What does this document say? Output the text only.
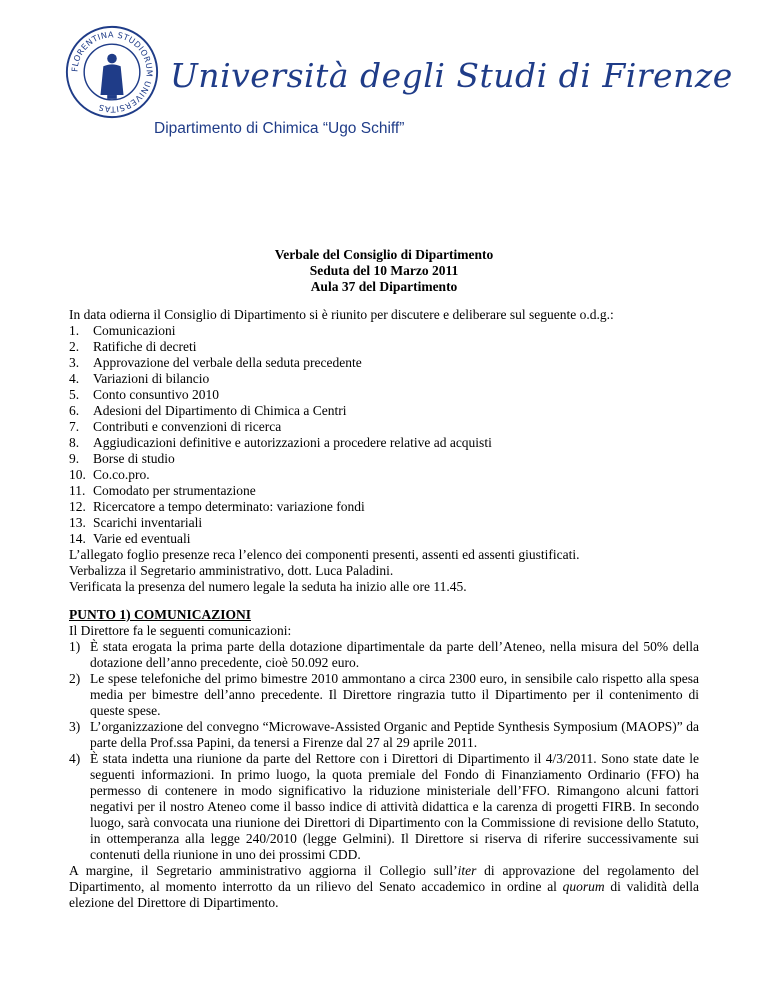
FLORENTINA STUDIORUM UNIVERSITAS
Università degli Studi di Firenze
Dipartimento di Chimica “Ugo Schiff”
Verbale del Consiglio di Dipartimento
Seduta del 10 Marzo 2011
Aula 37 del Dipartimento

In data odierna il Consiglio di Dipartimento si è riunito per discutere e deliberare sul seguente o.d.g.:

1.	Comunicazioni
2.	Ratifiche di decreti
3.	Approvazione del verbale della seduta precedente
4.	Variazioni di bilancio
5.	Conto consuntivo 2010
6.	Adesioni del Dipartimento di Chimica a Centri
7.	Contributi e convenzioni di ricerca
8.	Aggiudicazioni definitive e autorizzazioni a procedere relative ad acquisti
9.	Borse di studio
10. Co.co.pro.
11. Comodato per strumentazione
12. Ricercatore a tempo determinato: variazione fondi
13. Scarichi inventariali
14. Varie ed eventuali

L’allegato foglio presenze reca l’elenco dei componenti presenti, assenti ed assenti giustificati.

Verbalizza il Segretario amministrativo, dott. Luca Paladini.

Verificata la presenza del numero legale la seduta ha inizio alle ore 11.45.

PUNTO 1) COMUNICAZIONI

Il Direttore fa le seguenti comunicazioni:

1) È stata erogata la prima parte della dotazione dipartimentale da parte dell’Ateneo, nella misura del 50% della dotazione dell’anno precedente, cioè 50.092 euro.
2) Le spese telefoniche del primo bimestre 2010 ammontano a circa 2300 euro, in sensibile calo rispetto alla spesa media per bimestre dell’anno precedente. Il Direttore ringrazia tutto il Dipartimento per il contenimento di queste spese.
3) L’organizzazione del convegno “Microwave-Assisted Organic and Peptide Synthesis Symposium (MAOPS)” da parte della Prof.ssa Papini, da tenersi a Firenze dal 27 al 29 aprile 2011.
4) È stata indetta una riunione da parte del Rettore con i Direttori di Dipartimento il 4/3/2011. Sono state date le seguenti informazioni. In primo luogo, la quota premiale del Fondo di Finanziamento Ordinario (FFO) ha permesso di contenere in modo significativo la riduzione ministeriale dell’FFO. Rimangono alcuni fattori negativi per il nostro Ateneo come il basso indice di attività didattica e la carenza di progetti FIRB. In secondo luogo, sarà convocata una riunione dei Direttori di Dipartimento con la Commissione di revisione dello Statuto, in ottemperanza alla legge 240/2010 (legge Gelmini). Il Direttore si riserva di riferire successivamente sui contenuti della riunione in uno dei prossimi CDD.

A margine, il Segretario amministrativo aggiorna il Collegio sull’iter di approvazione del regolamento del Dipartimento, al momento interrotto da un rilievo del Senato accademico in ordine al quorum di validità della elezione del Direttore di Dipartimento.
